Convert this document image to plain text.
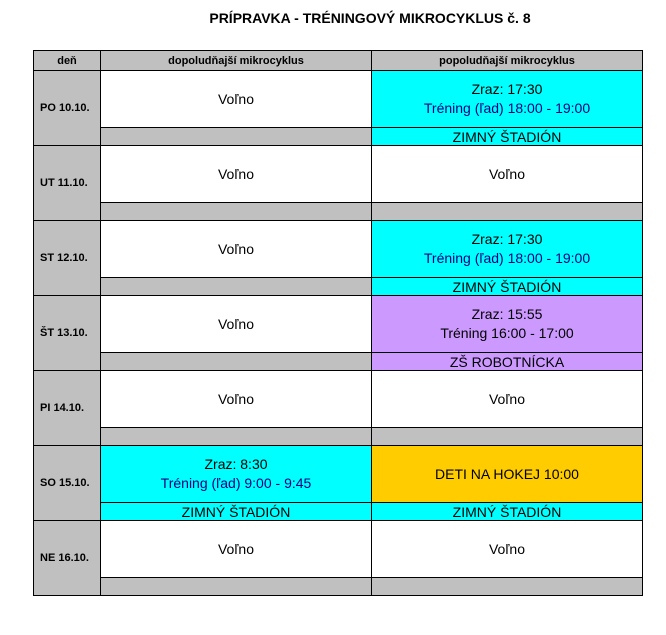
PRÍPRAVKA - TRÉNINGOVÝ MIKROCYKLUS č. 8
deň	dopoludňajší mikrocyklus	popoludňajší mikrocyklus
PO 10.10.	Voľno	Zraz: 17:30
Tréning (ľad) 18:00 - 19:00

		ZIMNÝ ŠTADIÓN
UT 11.10.	Voľno	Voľno

ST 12.10.	Voľno	Zraz: 17:30
Tréning (ľad) 18:00 - 19:00

		ZIMNÝ ŠTADIÓN
ŠT 13.10.	Voľno	Zraz: 15:55
Tréning 16:00 - 17:00

		ZŠ ROBOTNÍCKA
PI 14.10.	Voľno	Voľno

SO 15.10.	Zraz: 8:30
Tréning (ľad) 9:00 - 9:45	DETI NA HOKEJ 10:00

	ZIMNÝ ŠTADIÓN	ZIMNÝ ŠTADIÓN
NE 16.10.	Voľno	Voľno
